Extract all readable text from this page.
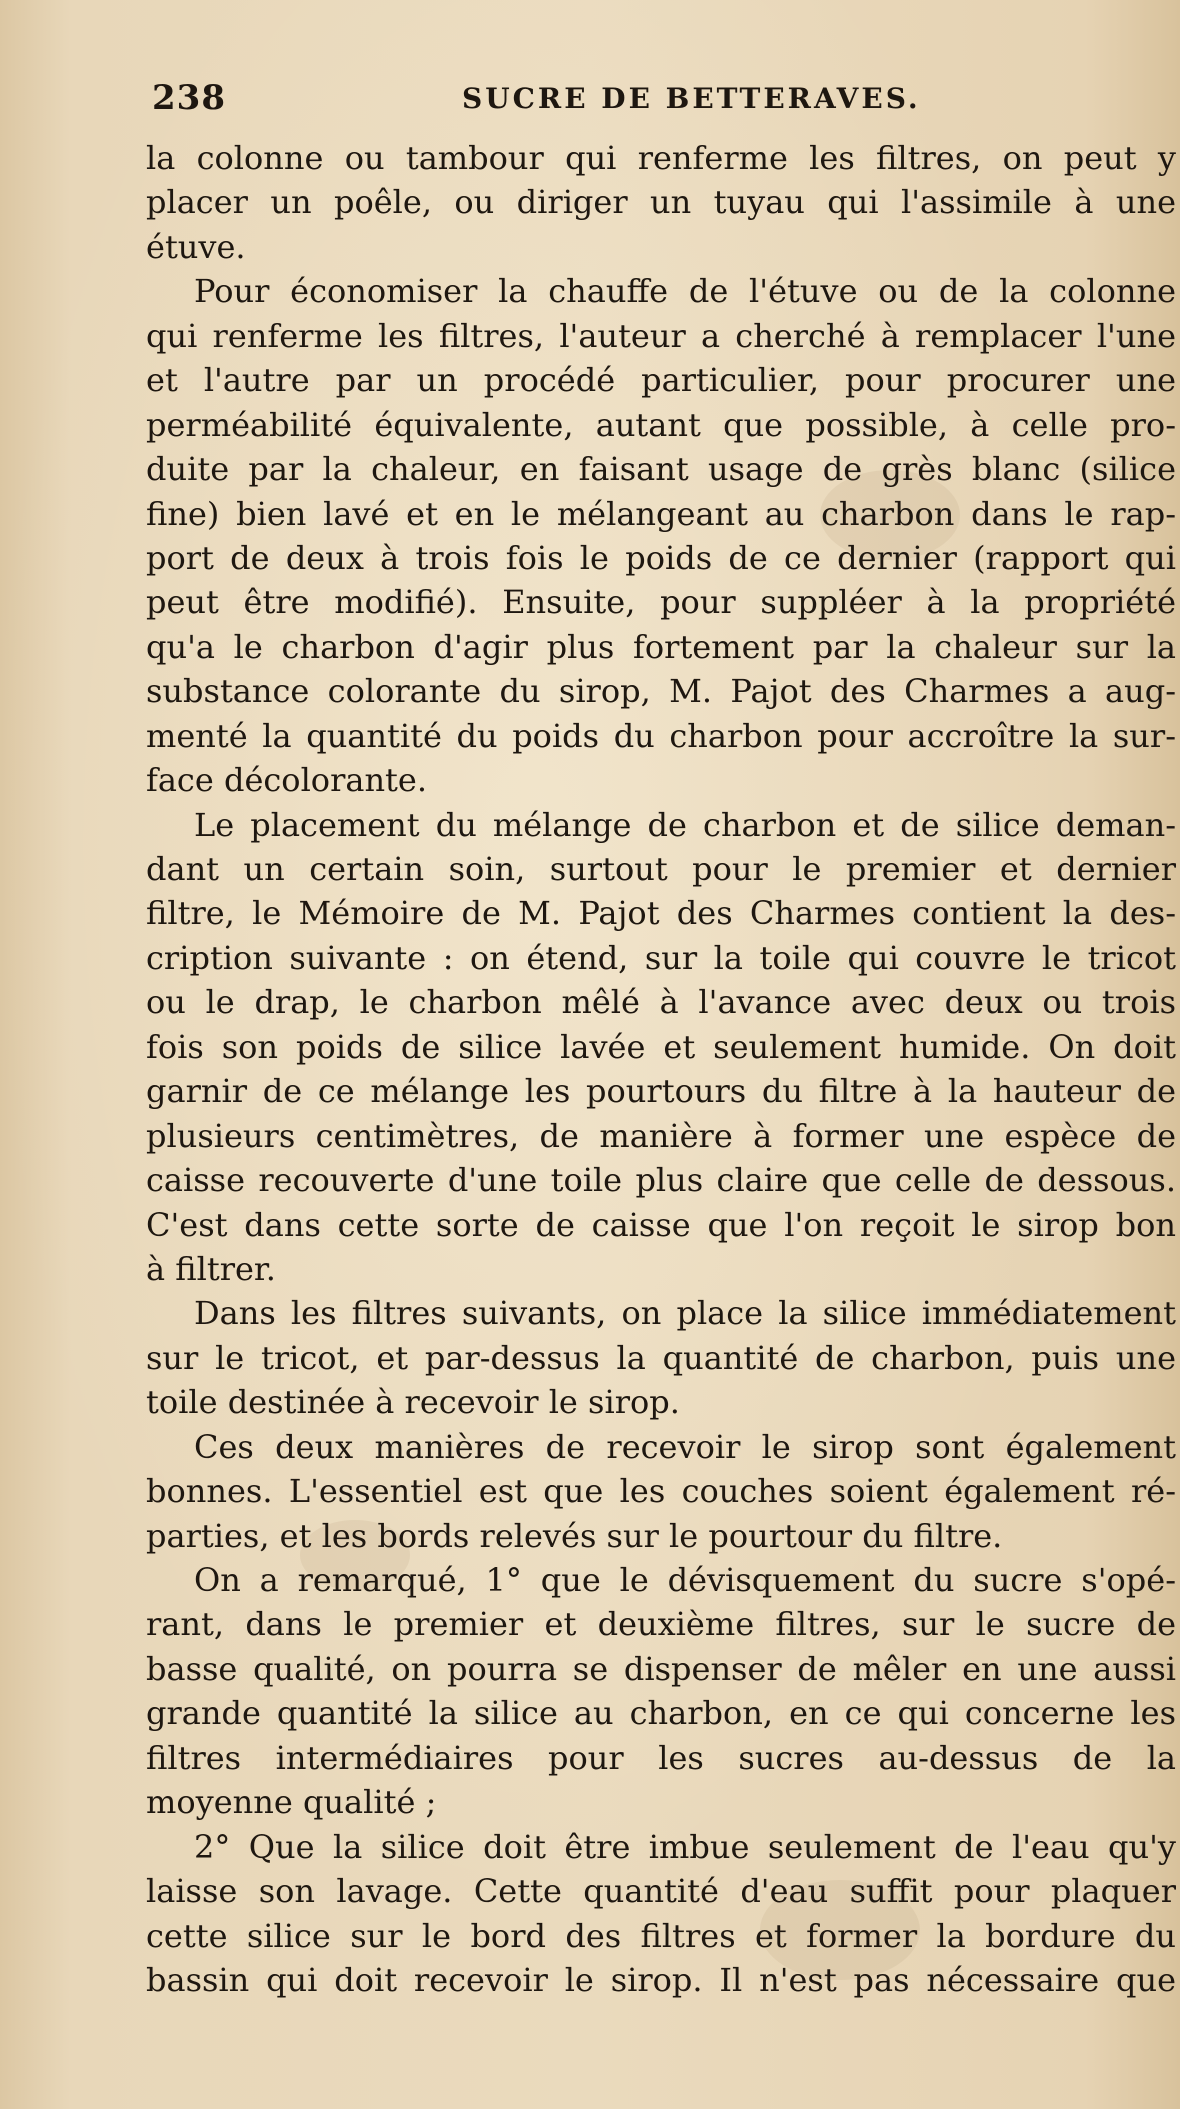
238	SUCRE DE BETTERAVES.
la colonne ou tambour qui renferme les filtres, on peut y
placer un poêle, ou diriger un tuyau qui l'assimile à une
étuve.
Pour économiser la chauffe de l'étuve ou de la colonne
qui renferme les filtres, l'auteur a cherché à remplacer l'une
et l'autre par un procédé particulier, pour procurer une
perméabilité équivalente, autant que possible, à celle pro-
duite par la chaleur, en faisant usage de grès blanc (silice
fine) bien lavé et en le mélangeant au charbon dans le rap-
port de deux à trois fois le poids de ce dernier (rapport qui
peut être modifié). Ensuite, pour suppléer à la propriété
qu'a le charbon d'agir plus fortement par la chaleur sur la
substance colorante du sirop, M. Pajot des Charmes a aug-
menté la quantité du poids du charbon pour accroître la sur-
face décolorante.
Le placement du mélange de charbon et de silice deman-
dant un certain soin, surtout pour le premier et dernier
filtre, le Mémoire de M. Pajot des Charmes contient la des-
cription suivante : on étend, sur la toile qui couvre le tricot
ou le drap, le charbon mêlé à l'avance avec deux ou trois
fois son poids de silice lavée et seulement humide. On doit
garnir de ce mélange les pourtours du filtre à la hauteur de
plusieurs centimètres, de manière à former une espèce de
caisse recouverte d'une toile plus claire que celle de dessous.
C'est dans cette sorte de caisse que l'on reçoit le sirop bon
à filtrer.
Dans les filtres suivants, on place la silice immédiatement
sur le tricot, et par-dessus la quantité de charbon, puis une
toile destinée à recevoir le sirop.
Ces deux manières de recevoir le sirop sont également
bonnes. L'essentiel est que les couches soient également ré-
parties, et les bords relevés sur le pourtour du filtre.
On a remarqué, 1° que le dévisquement du sucre s'opé-
rant, dans le premier et deuxième filtres, sur le sucre de
basse qualité, on pourra se dispenser de mêler en une aussi
grande quantité la silice au charbon, en ce qui concerne les
filtres intermédiaires pour les sucres au-dessus de la
moyenne qualité ;
2° Que la silice doit être imbue seulement de l'eau qu'y
laisse son lavage. Cette quantité d'eau suffit pour plaquer
cette silice sur le bord des filtres et former la bordure du
bassin qui doit recevoir le sirop. Il n'est pas nécessaire que
